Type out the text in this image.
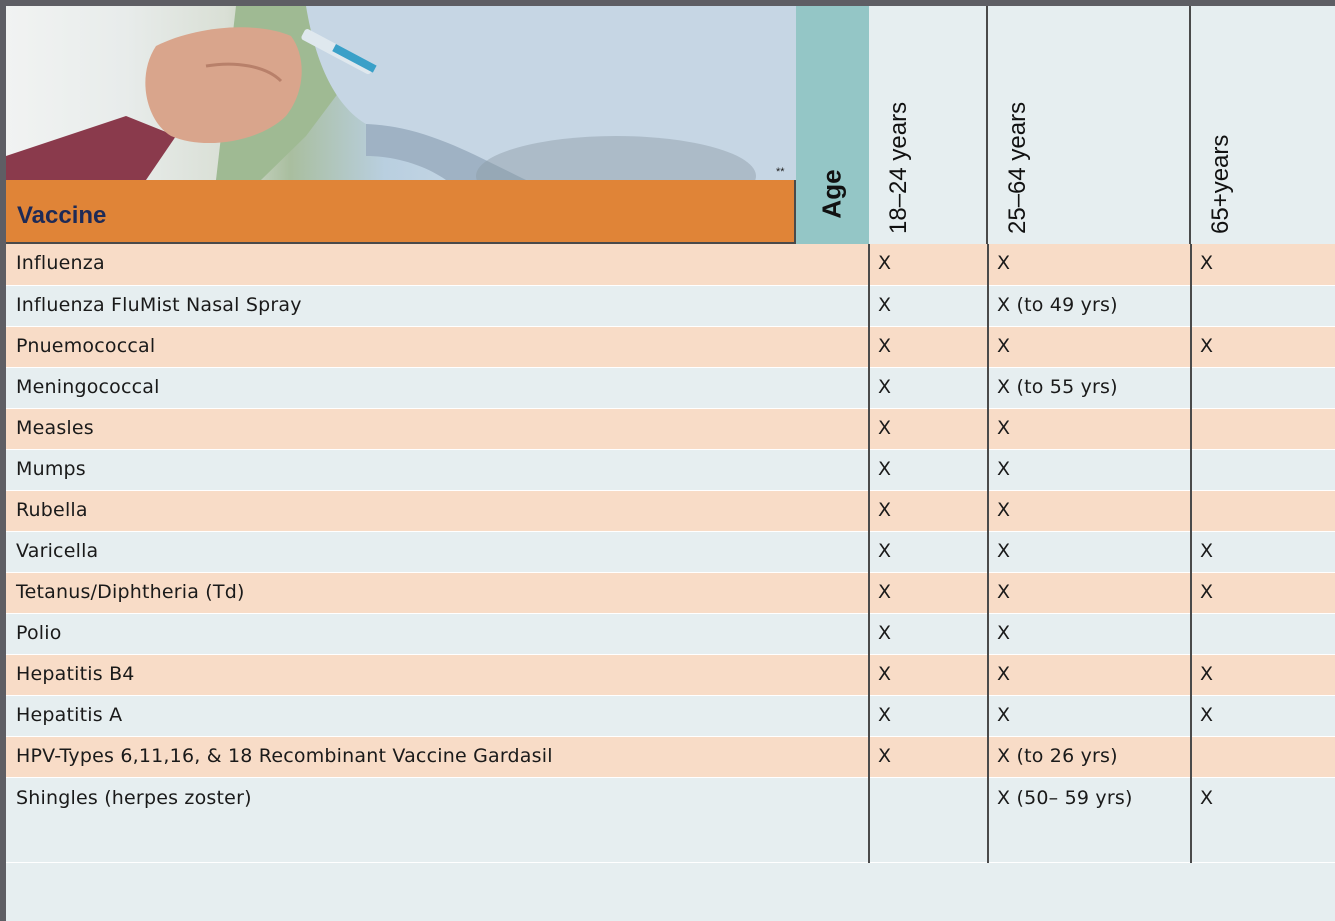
**
Vaccine	Age 18–24 years	25–64 years	65+years
Influenza	X	X	X
Influenza FluMist Nasal Spray	X	X (to 49 yrs)	
Pnuemococcal	X	X	X
Meningococcal	X	X (to 55 yrs)	
Measles	X	X	
Mumps	X	X	
Rubella	X	X	
Varicella	X	X	X
Tetanus/Diphtheria (Td)	X	X	X
Polio	X	X	
Hepatitis B4	X	X	X
Hepatitis A	X	X	X
HPV-Types 6,11,16, & 18 Recombinant Vaccine Gardasil	X	X (to 26 yrs)	
Shingles (herpes zoster)		X (50– 59 yrs)	X
